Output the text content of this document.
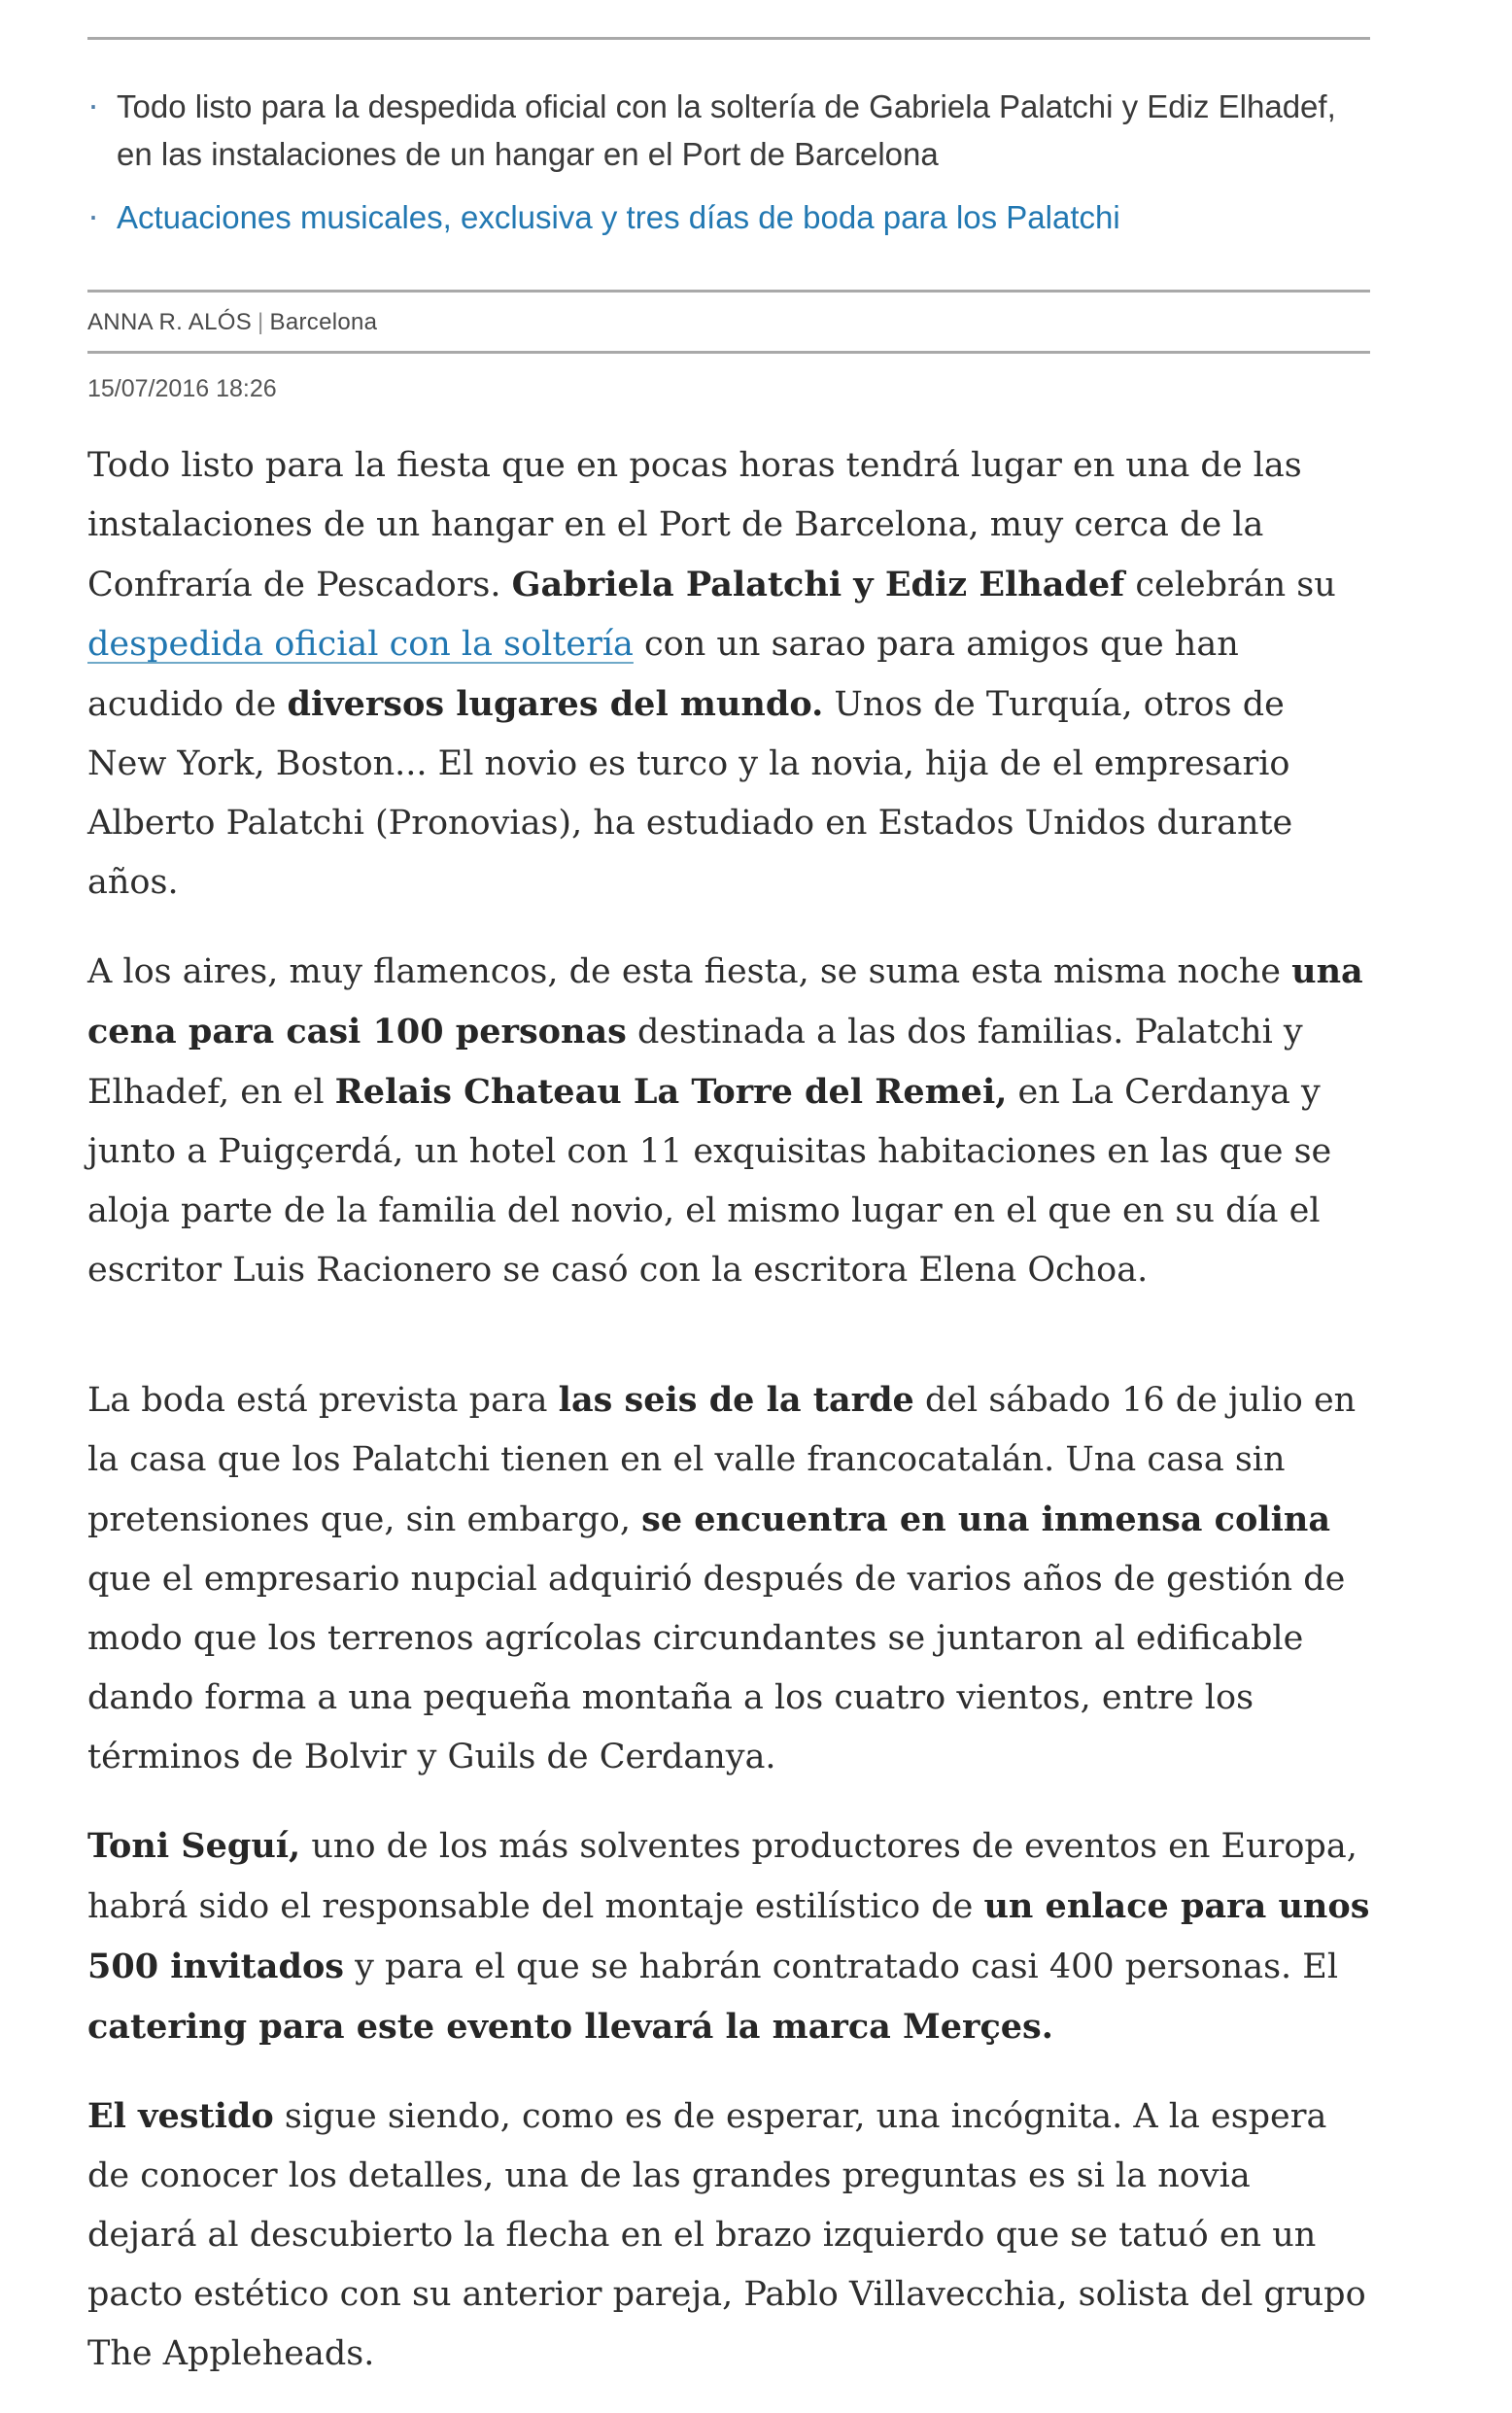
· Todo listo para la despedida oficial con la soltería de Gabriela Palatchi y Ediz Elhadef, en las instalaciones de un hangar en el Port de Barcelona
· Actuaciones musicales, exclusiva y tres días de boda para los Palatchi
ANNA R. ALÓS | Barcelona
15/07/2016 18:26

Todo listo para la fiesta que en pocas horas tendrá lugar en una de las instalaciones de un hangar en el Port de Barcelona, muy cerca de la Confraría de Pescadors. Gabriela Palatchi y Ediz Elhadef celebrán su despedida oficial con la soltería con un sarao para amigos que han acudido de diversos lugares del mundo. Unos de Turquía, otros de New York, Boston... El novio es turco y la novia, hija de el empresario Alberto Palatchi (Pronovias), ha estudiado en Estados Unidos durante años.

A los aires, muy flamencos, de esta fiesta, se suma esta misma noche una cena para casi 100 personas destinada a las dos familias. Palatchi y Elhadef, en el Relais Chateau La Torre del Remei, en La Cerdanya y junto a Puigçerdá, un hotel con 11 exquisitas habitaciones en las que se aloja parte de la familia del novio, el mismo lugar en el que en su día el escritor Luis Racionero se casó con la escritora Elena Ochoa.

La boda está prevista para las seis de la tarde del sábado 16 de julio en la casa que los Palatchi tienen en el valle francocatalán. Una casa sin pretensiones que, sin embargo, se encuentra en una inmensa colina que el empresario nupcial adquirió después de varios años de gestión de modo que los terrenos agrícolas circundantes se juntaron al edificable dando forma a una pequeña montaña a los cuatro vientos, entre los términos de Bolvir y Guils de Cerdanya.

Toni Seguí, uno de los más solventes productores de eventos en Europa, habrá sido el responsable del montaje estilístico de un enlace para unos 500 invitados y para el que se habrán contratado casi 400 personas. El catering para este evento llevará la marca Merçes.

El vestido sigue siendo, como es de esperar, una incógnita. A la espera de conocer los detalles, una de las grandes preguntas es si la novia dejará al descubierto la flecha en el brazo izquierdo que se tatuó en un pacto estético con su anterior pareja, Pablo Villavecchia, solista del grupo The Appleheads.
